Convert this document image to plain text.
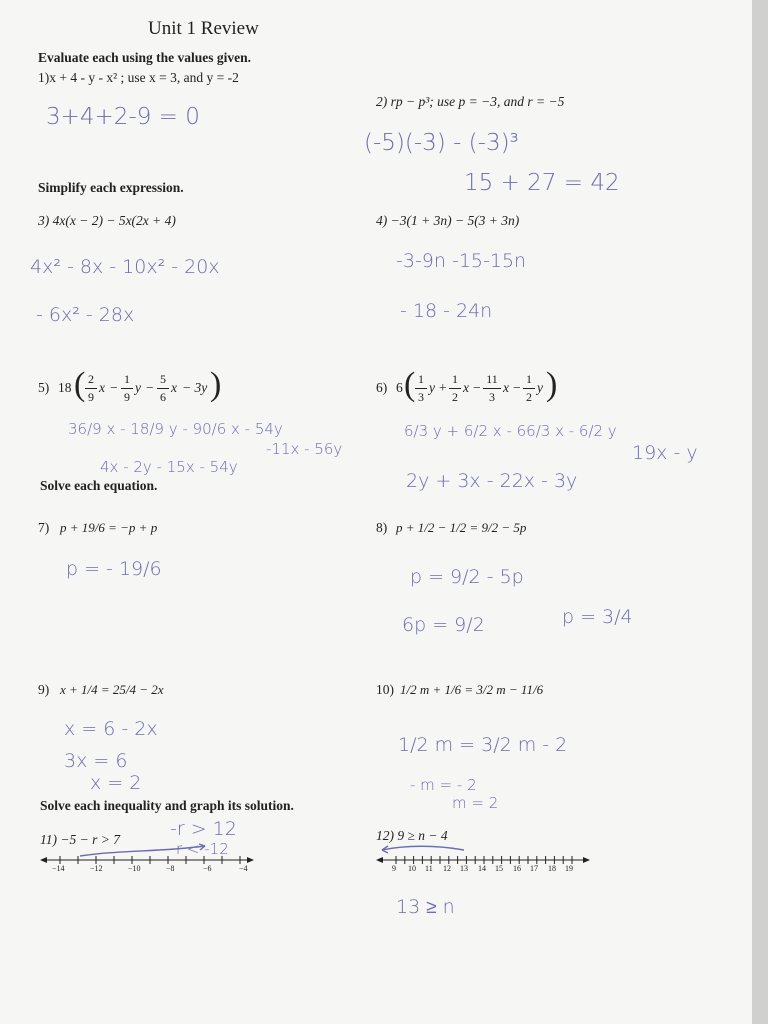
Unit 1 Review
Evaluate each using the values given.
1)x + 4 - y - x² ; use x = 3, and y = -2
3+4+2-9 = 0
2) rp − p³; use p = −3, and r = −5
(-5)(-3) - (-3)³
15 + 27 = 42
Simplify each expression.
3) 4x(x − 2) − 5x(2x + 4)	4) −3(1 + 3n) − 5(3 + 3n)
4x² - 8x - 10x² - 20x
- 6x² - 28x
-3-9n -15-15n
- 18 - 24n
5) 18 ( 2
9
x −
1
9
y −
5
6
x − 3y )	6) 6 ( 1
3
y +
1
2
x −
11
3
x −
1
2
y )
36/9 x - 18/9 y - 90/6 x - 54y
4x - 2y - 15x - 54y
-11x - 56y
6/3 y + 6/2 x - 66/3 x - 6/2 y
2y + 3x - 22x - 3y
19x - y
Solve each equation.
7) p + 19/6 = −p + p
p = - 19/6
8) p + 1/2 − 1/2 = 9/2 − 5p
p = 9/2 - 5p
6p = 9/2	p = 3/4
9) x + 1/4 = 25/4 − 2x
x = 6 - 2x
3x = 6
x = 2
10) 1/2 m + 1/6 = 3/2 m − 11/6
1/2 m = 3/2 m - 2
- m = - 2
m = 2
Solve each inequality and graph its solution.
11) −5 − r > 7	-r > 12
r < -12
−14	−12	−10	−8	−6	−4
12) 9 ≥ n − 4
9 10 11 12 13 14 15 16 17 18 19
13 ≥ n
